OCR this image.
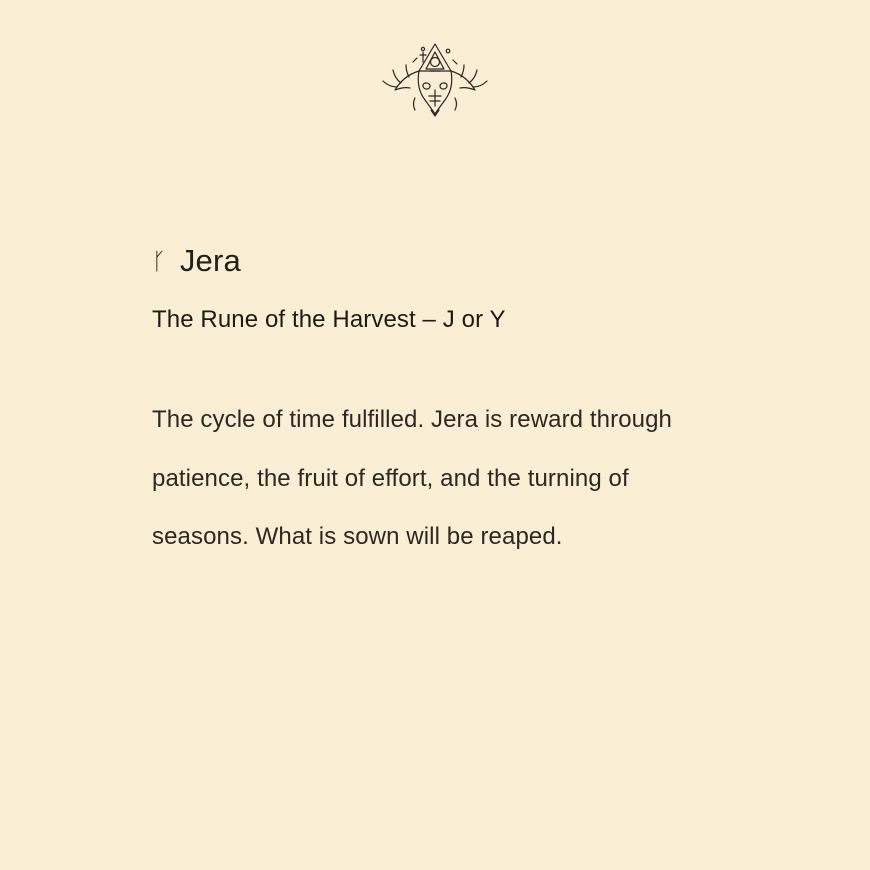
ᚴ Jera

The Rune of the Harvest – J or Y

The cycle of time fulfilled. Jera is reward through patience, the fruit of effort, and the turning of seasons. What is sown will be reaped.
